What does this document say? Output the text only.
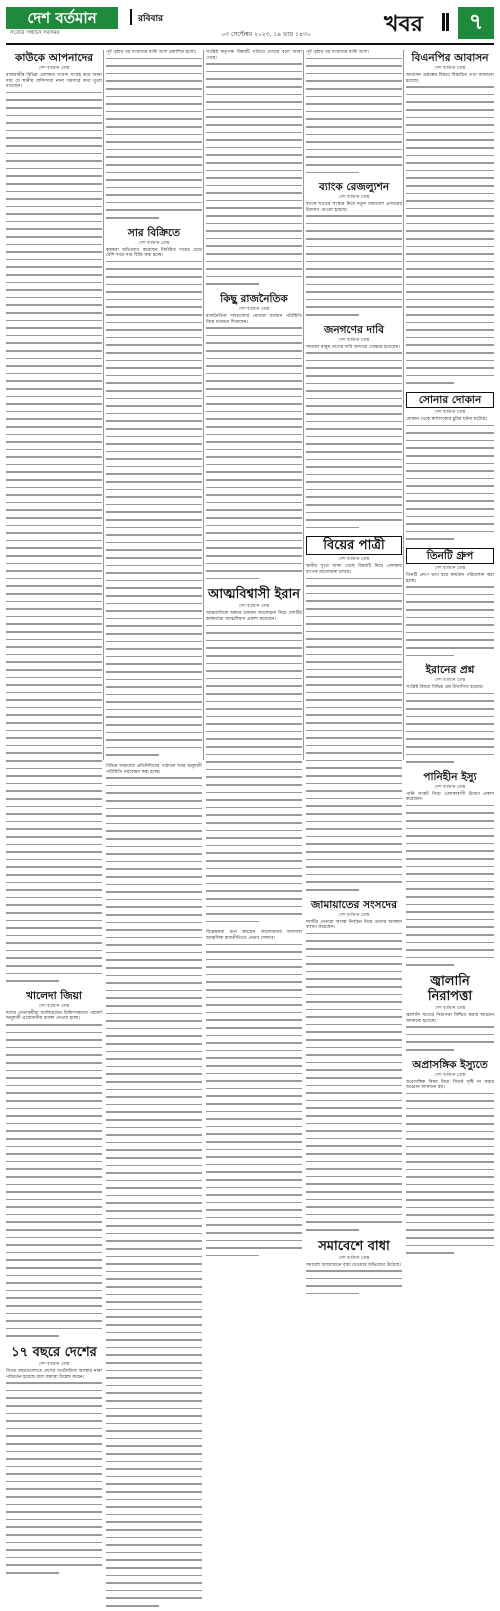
দেশ বর্তমান
সত্যের সন্ধানে সবসময়
রবিবার
০৩ সেপ্টেম্বর ২০২৩, ১৯ ভাদ্র ১৪৩০	খবর	৭
কাউকে আপনাদের
দেশ বর্তমান ডেস্ক
রাজধানীর বিভিন্ন এলাকায় সংবাদ সংগ্রহ করে জানা যায় যে স্থানীয় বাসিন্দারা নানা সমস্যার কথা তুলে ধরেছেন।
খালেদা জিয়া
দেশ বর্তমান ডেস্ক
দলের নেতাকর্মীরা জানিয়েছেন চিকিৎসকদের পরামর্শ অনুযায়ী প্রয়োজনীয় ব্যবস্থা নেওয়া হচ্ছে।
১৭ বছরে দেশের
দেশ বর্তমান ডেস্ক
বিগত বছরগুলোতে দেশের অর্থনৈতিক অবস্থার নানা পরিবর্তন হয়েছে বলে বক্তারা উল্লেখ করেন।
পূর্ব পৃষ্ঠার পর সংবাদের বাকি অংশ প্রকাশিত হলো।
সার বিক্রিতে
দেশ বর্তমান ডেস্ক
কৃষকরা অভিযোগ করেছেন নির্ধারিত দামের চেয়ে বেশি দামে সার বিক্রি করা হচ্ছে।
বিভিন্ন অঞ্চলের প্রতিনিধিদের পাঠানো খবর অনুযায়ী পরিস্থিতি পর্যবেক্ষণ করা হচ্ছে।
সংশ্লিষ্ট কর্তৃপক্ষ বিষয়টি খতিয়ে দেখছে বলে জানা গেছে।
কিছু রাজনৈতিক
দেশ বর্তমান ডেস্ক
রাজনৈতিক দলগুলোর নেতারা বর্তমান পরিস্থিতি নিয়ে মতামত দিয়েছেন।
আত্মবিশ্বাসী ইরান
দেশ বর্তমান ডেস্ক
আন্তর্জাতিক অঙ্গনে চলমান আলোচনা নিয়ে দেশটির কর্মকর্তারা আত্মবিশ্বাস প্রকাশ করেছেন।
বিশ্লেষকরা মনে করছেন আলোচনার ফলাফল আঞ্চলিক রাজনীতিতে প্রভাব ফেলবে।
পূর্ব পৃষ্ঠার পর সংবাদের বাকি অংশ।
ব্যাংক রেজল্যুশন
দেশ বর্তমান ডেস্ক
ব্যাংক খাতের সংস্কার নিয়ে নতুন অধ্যাদেশ প্রণয়নের উদ্যোগ নেওয়া হয়েছে।
জনগণের দাবি
দেশ বর্তমান ডেস্ক
সাধারণ মানুষ তাদের দাবি আদায়ে সোচ্চার হয়েছেন।
বিয়ের পাত্রী
দেশ বর্তমান ডেস্ক
স্থানীয় সূত্রে জানা গেছে বিষয়টি নিয়ে এলাকায় ব্যাপক আলোচনা চলছে।
জামায়াতের সংসদের
দেশ বর্তমান ডেস্ক
দলটির নেতারা আসন্ন নির্বাচন নিয়ে তাদের অবস্থান ব্যাখ্যা করেছেন।
সমাবেশে বাধা
দেশ বর্তমান ডেস্ক
সমাবেশ আয়োজনে বাধা দেওয়ার অভিযোগ উঠেছে।
বিএনপির আবাসন
দেশ বর্তমান ডেস্ক
আবাসন প্রকল্পের বিষয়ে বিস্তারিত তথ্য জানানো হয়েছে।
সোনার দোকান
দেশ বর্তমান ডেস্ক
দোকান থেকে স্বর্ণালংকার চুরির ঘটনা ঘটেছে।
তিনটি গ্রুপ
দেশ বর্তমান ডেস্ক
তিনটি গ্রুপে ভাগ হয়ে কার্যক্রম পরিচালনা করা হচ্ছে।
ইরানের প্রশ্ন
দেশ বর্তমান ডেস্ক
সংশ্লিষ্ট বিষয়ে বিভিন্ন প্রশ্ন উত্থাপিত হয়েছে।
পানিহীন ইস্যু
দেশ বর্তমান ডেস্ক
পানি সংকট নিয়ে এলাকাবাসী উদ্বেগ প্রকাশ করেছেন।
জ্বালানি নিরাপত্তা
দেশ বর্তমান ডেস্ক
জ্বালানি খাতের নিরাপত্তা নিশ্চিত করার আহ্বান জানানো হয়েছে।
অপ্রাসঙ্গিক ইস্যুতে
দেশ বর্তমান ডেস্ক
অপ্রাসঙ্গিক বিষয় নিয়ে বিতর্ক সৃষ্টি না করার আহ্বান জানানো হয়।
